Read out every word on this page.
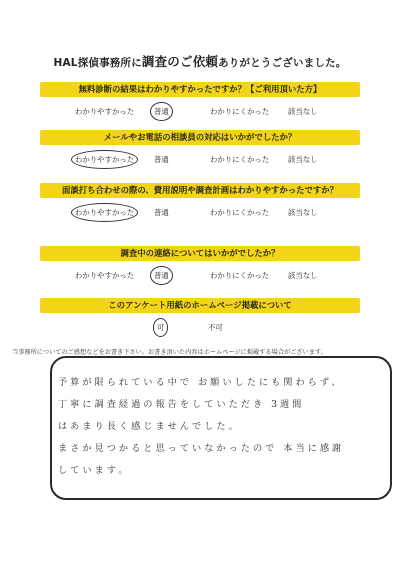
HAL探偵事務所に調査のご依頼ありがとうございました。
無料診断の結果はわかりやすかったですか？【ご利用頂いた方】
わかりやすかった	普通	わかりにくかった	該当なし
メールやお電話の相談員の対応はいかがでしたか？
わかりやすかった	普通	わかりにくかった	該当なし
面談打ち合わせの際の、費用説明や調査計画はわかりやすかったですか？
わかりやすかった	普通	わかりにくかった	該当なし
調査中の連絡についてはいかがでしたか？
わかりやすかった	普通	わかりにくかった	該当なし
このアンケート用紙のホームページ掲載について
可	不可
当事務所についてのご感想などをお書き下さい。お書き頂いた内容はホームページに掲載する場合がございます。
予算が限られている中で お願いしたにも関わらず、
丁寧に調査経過の報告をしていただき 3週間
はあまり長く感じませんでした。
まさか見つかると思っていなかったので 本当に感謝
しています。
